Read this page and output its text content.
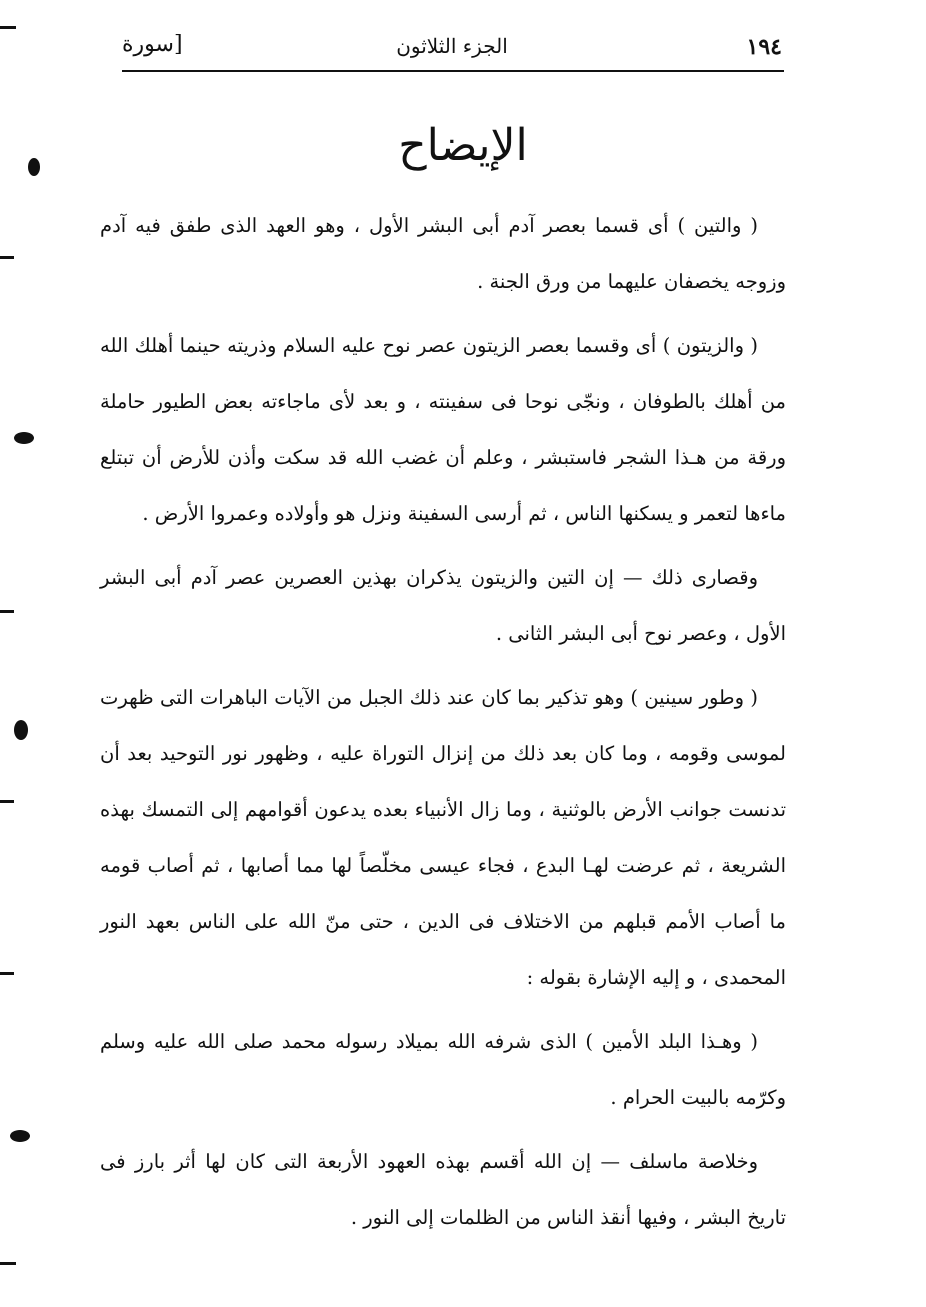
١٩٤
الجزء الثلاثون
[سورة
الإيضاح

( والتين ) أى قسما بعصر آدم أبى البشر الأول ، وهو العهد الذى طفق فيه آدم وزوجه يخصفان عليهما من ورق الجنة .

( والزيتون ) أى وقسما بعصر الزيتون عصر نوح عليه السلام وذريته حينما أهلك الله من أهلك بالطوفان ، ونجّى نوحا فى سفينته ، و بعد لأى ماجاءته بعض الطيور حاملة ورقة من هـذا الشجر فاستبشر ، وعلم أن غضب الله قد سكت وأذن للأرض أن تبتلع ماءها لتعمر و يسكنها الناس ، ثم أرسى السفينة ونزل هو وأولاده وعمروا الأرض .

وقصارى ذلك — إن التين والزيتون يذكران بهذين العصرين عصر آدم أبى البشر الأول ، وعصر نوح أبى البشر الثانى .

( وطور سينين ) وهو تذكير بما كان عند ذلك الجبل من الآيات الباهرات التى ظهرت لموسى وقومه ، وما كان بعد ذلك من إنزال التوراة عليه ، وظهور نور التوحيد بعد أن تدنست جوانب الأرض بالوثنية ، وما زال الأنبياء بعده يدعون أقوامهم إلى التمسك بهذه الشريعة ، ثم عرضت لهـا البدع ، فجاء عيسى مخلّصاً لها مما أصابها ، ثم أصاب قومه ما أصاب الأمم قبلهم من الاختلاف فى الدين ، حتى منّ الله على الناس بعهد النور المحمدى ، و إليه الإشارة بقوله :

( وهـذا البلد الأمين ) الذى شرفه الله بميلاد رسوله محمد صلى الله عليه وسلم وكرّمه بالبيت الحرام .

وخلاصة ماسلف — إن الله أقسم بهذه العهود الأربعة التى كان لها أثر بارز فى تاريخ البشر ، وفيها أنقذ الناس من الظلمات إلى النور .
